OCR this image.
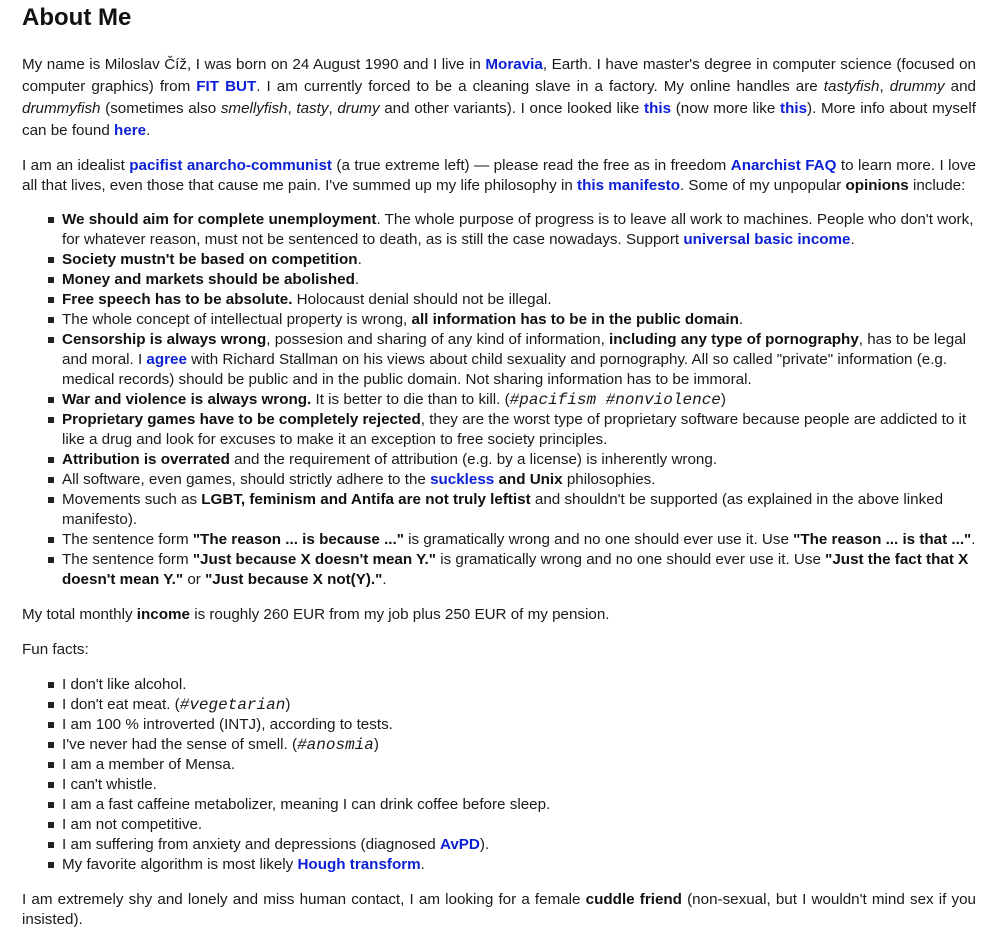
About Me

My name is Miloslav Číž, I was born on 24 August 1990 and I live in Moravia, Earth. I have master's degree in computer science (focused on computer graphics) from FIT BUT. I am currently forced to be a cleaning slave in a factory. My online handles are tastyfish, drummy and drummyfish (sometimes also smellyfish, tasty, drumy and other variants). I once looked like this (now more like this). More info about myself can be found here.

I am an idealist pacifist anarcho-communist (a true extreme left) — please read the free as in freedom Anarchist FAQ to learn more. I love all that lives, even those that cause me pain. I've summed up my life philosophy in this manifesto. Some of my unpopular opinions include:

We should aim for complete unemployment. The whole purpose of progress is to leave all work to machines. People who don't work, for whatever reason, must not be sentenced to death, as is still the case nowadays. Support universal basic income.
Society mustn't be based on competition.
Money and markets should be abolished.
Free speech has to be absolute. Holocaust denial should not be illegal.
The whole concept of intellectual property is wrong, all information has to be in the public domain.
Censorship is always wrong, possesion and sharing of any kind of information, including any type of pornography, has to be legal and moral. I agree with Richard Stallman on his views about child sexuality and pornography. All so called "private" information (e.g. medical records) should be public and in the public domain. Not sharing information has to be immoral.
War and violence is always wrong. It is better to die than to kill. (#pacifism #nonviolence)
Proprietary games have to be completely rejected, they are the worst type of proprietary software because people are addicted to it like a drug and look for excuses to make it an exception to free society principles.
Attribution is overrated and the requirement of attribution (e.g. by a license) is inherently wrong.
All software, even games, should strictly adhere to the suckless and Unix philosophies.
Movements such as LGBT, feminism and Antifa are not truly leftist and shouldn't be supported (as explained in the above linked manifesto).
The sentence form "The reason ... is because ..." is gramatically wrong and no one should ever use it. Use "The reason ... is that ...".
The sentence form "Just because X doesn't mean Y." is gramatically wrong and no one should ever use it. Use "Just the fact that X doesn't mean Y." or "Just because X not(Y).".

My total monthly income is roughly 260 EUR from my job plus 250 EUR of my pension.

Fun facts:

I don't like alcohol.
I don't eat meat. (#vegetarian)
I am 100 % introverted (INTJ), according to tests.
I've never had the sense of smell. (#anosmia)
I am a member of Mensa.
I can't whistle.
I am a fast caffeine metabolizer, meaning I can drink coffee before sleep.
I am not competitive.
I am suffering from anxiety and depressions (diagnosed AvPD).
My favorite algorithm is most likely Hough transform.

I am extremely shy and lonely and miss human contact, I am looking for a female cuddle friend (non-sexual, but I wouldn't mind sex if you insisted).
